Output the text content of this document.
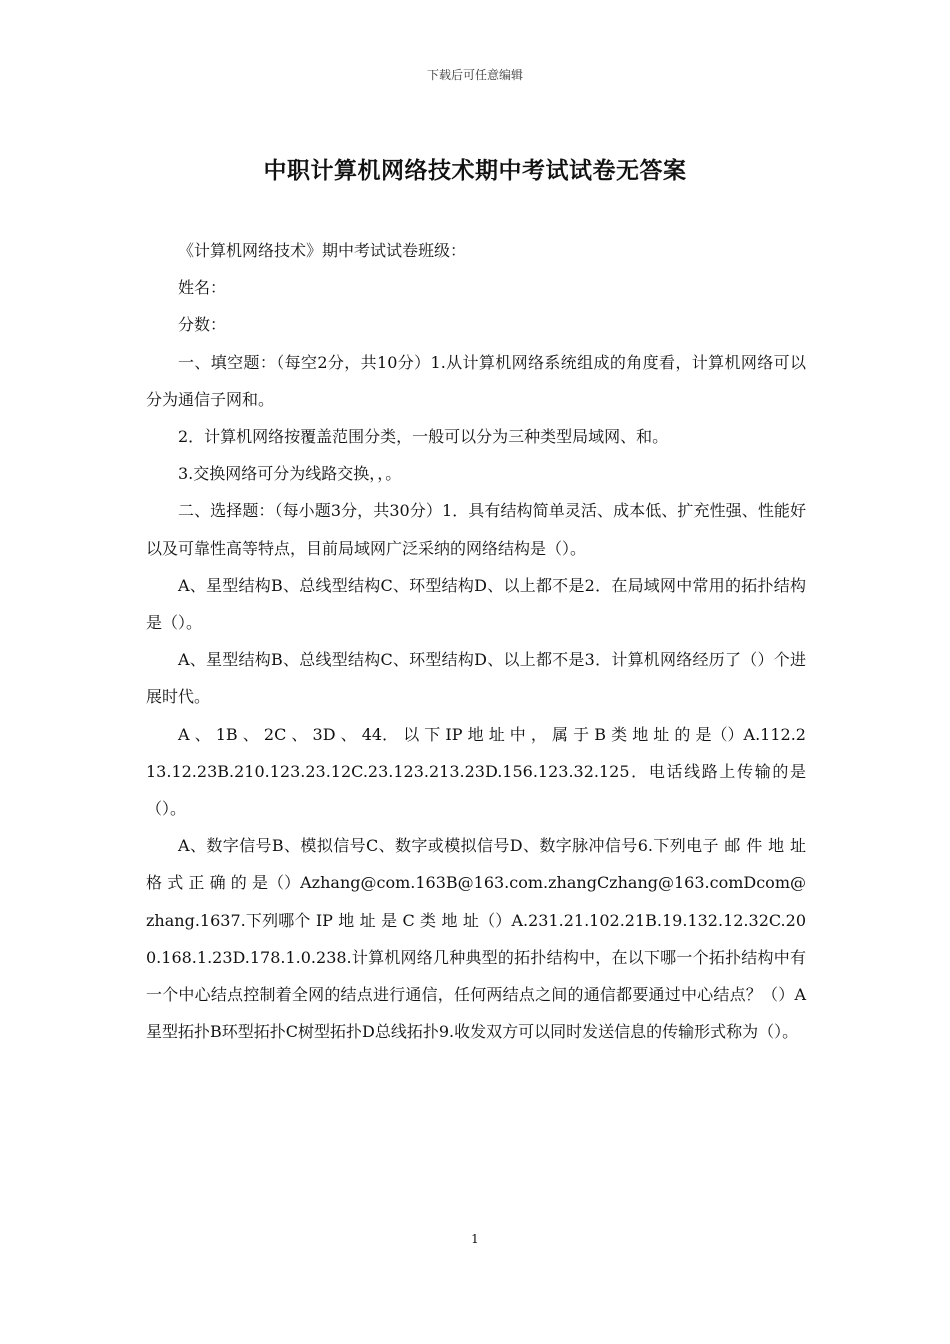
下载后可任意编辑
中职计算机网络技术期中考试试卷无答案

《计算机网络技术》期中考试试卷班级：

姓名：

分数：

一、填空题：（每空2分，共10分）1.从计算机网络系统组成的角度看，计算机网络可以分为通信子网和。

2．计算机网络按覆盖范围分类，一般可以分为三种类型局域网、和。

3.交换网络可分为线路交换，，。

二、选择题：（每小题3分，共30分）1．具有结构简单灵活、成本低、扩充性强、性能好以及可靠性高等特点，目前局域网广泛采纳的网络结构是（）。

A、星型结构B、总线型结构C、环型结构D、以上都不是2．在局域网中常用的拓扑结构是（）。

A、星型结构B、总线型结构C、环型结构D、以上都不是3．计算机网络经历了（）个进展时代。

A 、 1B 、 2C 、 3D 、 44． 以 下 IP 地 址 中 ， 属 于 B 类 地 址 的 是（）A.112.213.12.23B.210.123.23.12C.23.123.213.23D.156.123.32.125．电话线路上传输的是（）。

A、数字信号B、模拟信号C、数字或模拟信号D、数字脉冲信号6.下列电子 邮 件 地 址 格 式 正 确 的 是（）Azhang@com.163B@163.com.zhangCzhang@163.comDcom@zhang.1637.下列哪个 IP 地 址 是 C 类 地 址（）A.231.21.102.21B.19.132.12.32C.200.168.1.23D.178.1.0.238.计算机网络几种典型的拓扑结构中，在以下哪一个拓扑结构中有一个中心结点控制着全网的结点进行通信，任何两结点之间的通信都要通过中心结点？（）A星型拓扑B环型拓扑C树型拓扑D总线拓扑9.收发双方可以同时发送信息的传输形式称为（）。

1
